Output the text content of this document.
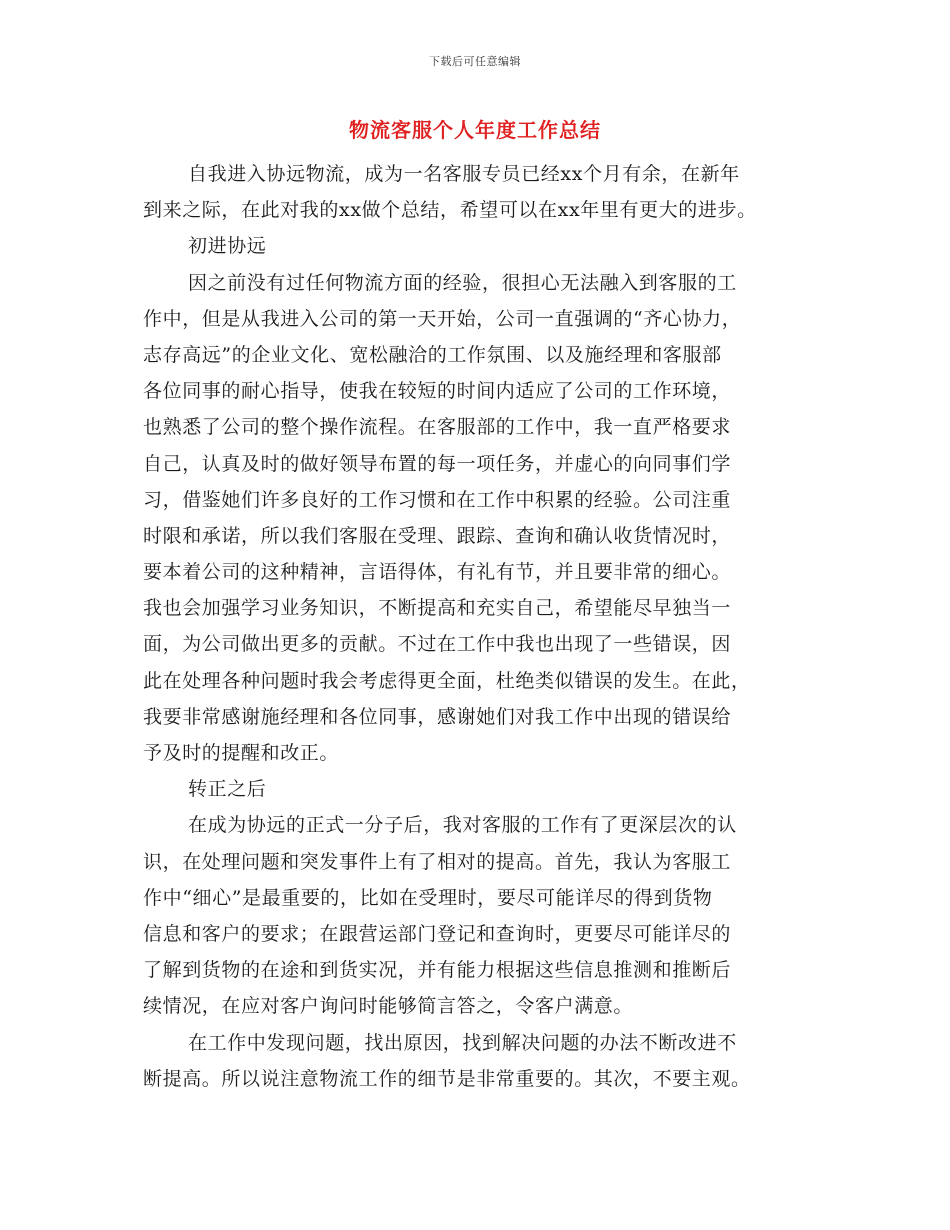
下载后可任意编辑
物流客服个人年度工作总结
自我进入协远物流，成为一名客服专员已经xx个月有余，在新年
到来之际，在此对我的xx做个总结，希望可以在xx年里有更大的进步。
初进协远
因之前没有过任何物流方面的经验，很担心无法融入到客服的工
作中，但是从我进入公司的第一天开始，公司一直强调的“齐心协力，
志存高远”的企业文化、宽松融洽的工作氛围、以及施经理和客服部
各位同事的耐心指导，使我在较短的时间内适应了公司的工作环境，
也熟悉了公司的整个操作流程。在客服部的工作中，我一直严格要求
自己，认真及时的做好领导布置的每一项任务，并虚心的向同事们学
习，借鉴她们许多良好的工作习惯和在工作中积累的经验。公司注重
时限和承诺，所以我们客服在受理、跟踪、查询和确认收货情况时，
要本着公司的这种精神，言语得体，有礼有节，并且要非常的细心。
我也会加强学习业务知识，不断提高和充实自己，希望能尽早独当一
面，为公司做出更多的贡献。不过在工作中我也出现了一些错误，因
此在处理各种问题时我会考虑得更全面，杜绝类似错误的发生。在此，
我要非常感谢施经理和各位同事，感谢她们对我工作中出现的错误给
予及时的提醒和改正。
转正之后
在成为协远的正式一分子后，我对客服的工作有了更深层次的认
识，在处理问题和突发事件上有了相对的提高。首先，我认为客服工
作中“细心”是最重要的，比如在受理时，要尽可能详尽的得到货物
信息和客户的要求；在跟营运部门登记和查询时，更要尽可能详尽的
了解到货物的在途和到货实况，并有能力根据这些信息推测和推断后
续情况，在应对客户询问时能够简言答之，令客户满意。
在工作中发现问题，找出原因，找到解决问题的办法不断改进不
断提高。所以说注意物流工作的细节是非常重要的。其次，不要主观。
